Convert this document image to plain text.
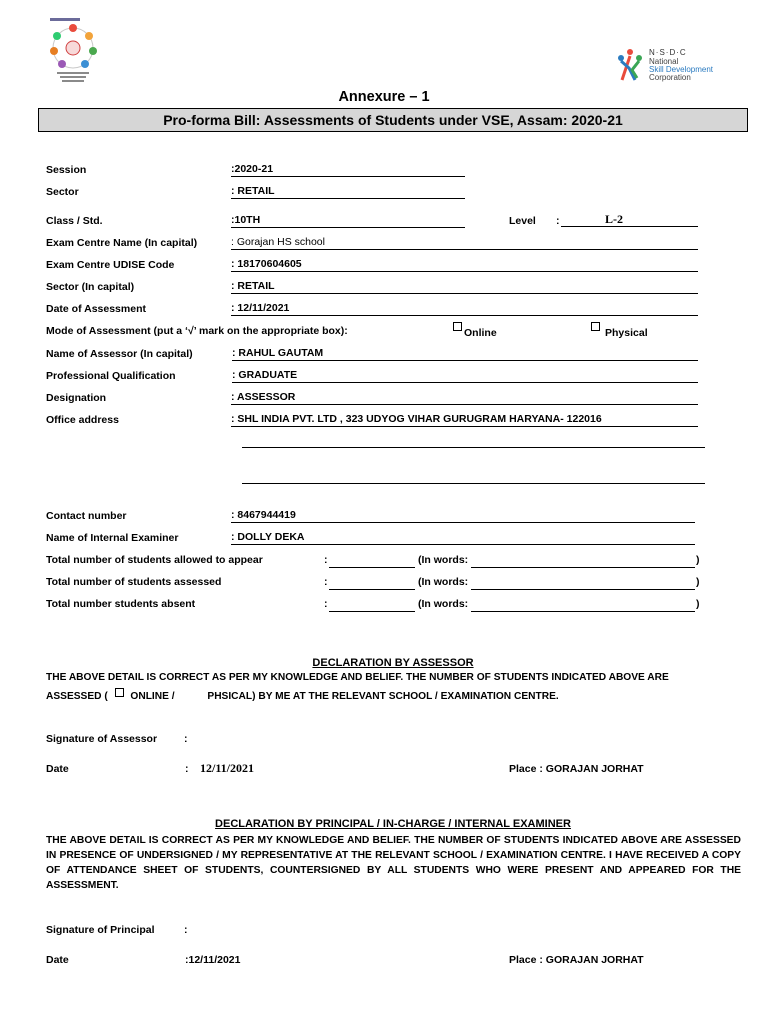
N·S·D·C
National
Skill Development
Corporation
Annexure – 1
Pro-forma Bill: Assessments of Students under VSE, Assam: 2020-21
Session	:2020-21
Sector	: RETAIL
Class / Std.	:10TH	Level :	L-2
Exam Centre Name (In capital)	: Gorajan HS school
Exam Centre UDISE Code	: 18170604605
Sector (In capital)	: RETAIL
Date of Assessment	: 12/11/2021
Mode of Assessment (put a ‘√’ mark on the appropriate box):	Online	Physical
Name of Assessor (In capital)	: RAHUL GAUTAM
Professional Qualification	: GRADUATE
Designation	: ASSESSOR
Office address	: SHL INDIA PVT. LTD , 323 UDYOG VIHAR GURUGRAM HARYANA- 122016
Contact number	: 8467944419
Name of Internal Examiner	: DOLLY DEKA
Total number of students allowed to appear	:	(In words:	)
Total number of students assessed	:	(In words:	)
Total number students absent	:	(In words:	)
DECLARATION BY ASSESSOR
THE ABOVE DETAIL IS CORRECT AS PER MY KNOWLEDGE AND BELIEF. THE NUMBER OF STUDENTS INDICATED ABOVE ARE
ASSESSED ( ONLINE /	PHSICAL) BY ME AT THE RELEVANT SCHOOL / EXAMINATION CENTRE.
Signature of Assessor	:
Date	: 12/11/2021	Place : GORAJAN JORHAT
DECLARATION BY PRINCIPAL / IN-CHARGE / INTERNAL EXAMINER
THE ABOVE DETAIL IS CORRECT AS PER MY KNOWLEDGE AND BELIEF. THE NUMBER OF STUDENTS INDICATED ABOVE ARE ASSESSED IN PRESENCE OF UNDERSIGNED / MY REPRESENTATIVE AT THE RELEVANT SCHOOL / EXAMINATION CENTRE. I HAVE RECEIVED A COPY OF ATTENDANCE SHEET OF STUDENTS, COUNTERSIGNED BY ALL STUDENTS WHO WERE PRESENT AND APPEARED FOR THE ASSESSMENT.
Signature of Principal	:
Date	:12/11/2021	Place : GORAJAN JORHAT
